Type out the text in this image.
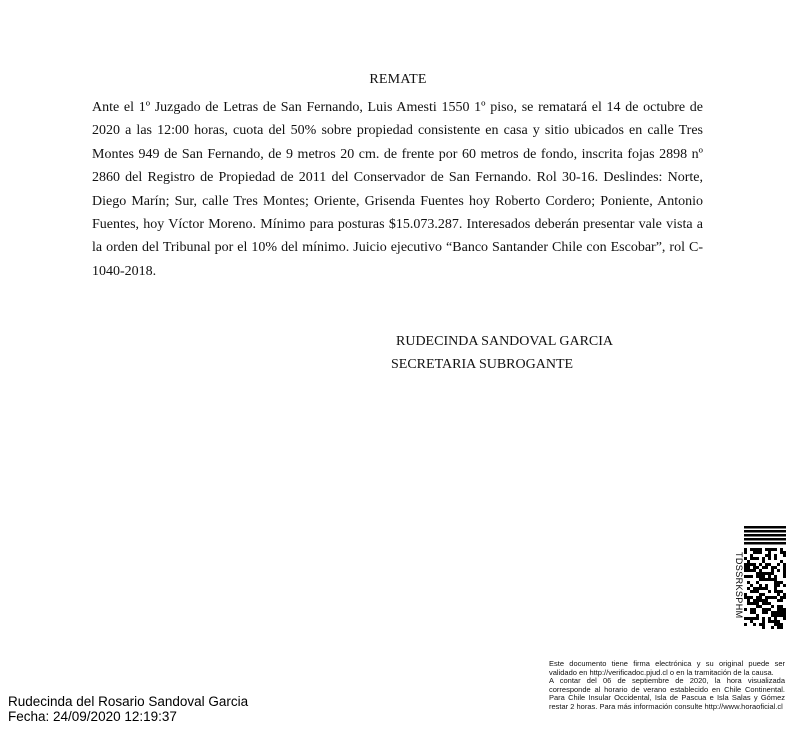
REMATE

Ante el 1º Juzgado de Letras de San Fernando, Luis Amesti 1550 1º piso, se rematará el 14 de octubre de 2020 a las 12:00 horas, cuota del 50% sobre propiedad consistente en casa y sitio ubicados en calle Tres Montes 949 de San Fernando, de 9 metros 20 cm. de frente por 60 metros de fondo, inscrita fojas 2898 nº 2860 del Registro de Propiedad de 2011 del Conservador de San Fernando. Rol 30-16. Deslindes: Norte, Diego Marín; Sur, calle Tres Montes; Oriente, Grisenda Fuentes hoy Roberto Cordero; Poniente, Antonio Fuentes, hoy Víctor Moreno. Mínimo para posturas $15.073.287. Interesados deberán presentar vale vista a la orden del Tribunal por el 10% del mínimo. Juicio ejecutivo “Banco Santander Chile con Escobar”, rol C-1040-2018.

RUDECINDA SANDOVAL GARCIA
SECRETARIA SUBROGANTE
TDSSRKSPHM

Este documento tiene firma electrónica y su original puede ser validado en http://verificadoc.pjud.cl o en la tramitación de la causa.

A contar del 06 de septiembre de 2020, la hora visualizada corresponde al horario de verano establecido en Chile Continental. Para Chile Insular Occidental, Isla de Pascua e Isla Salas y Gómez restar 2 horas. Para más información consulte http://www.horaoficial.cl

Rudecinda del Rosario Sandoval Garcia
Fecha: 24/09/2020 12:19:37
